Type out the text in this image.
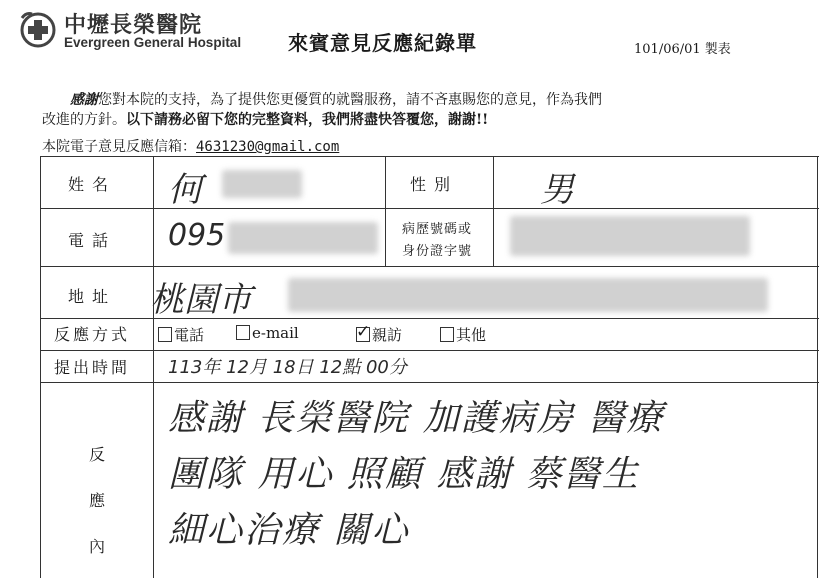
中壢長榮醫院
Evergreen General Hospital 來賓意見反應紀錄單	101/06/01 製表
感謝您對本院的支持，為了提供您更優質的就醫服務，請不吝惠賜您的意見，作為我們
改進的方針。以下請務必留下您的完整資料，我們將盡快答覆您，謝謝!!
本院電子意見反應信箱：4631230@gmail.com
姓名	性別
電話
病歷號碼或
身份證字號
地址
反應方式
提出時間
反
應
內
電話	e-mail
✓	親訪	其他
何	男
095
桃園市
113年 12月 18日 12點 00分
感謝 長榮醫院 加護病房 醫療
團隊 用心 照顧 感謝 蔡醫生
細心治療 關心
